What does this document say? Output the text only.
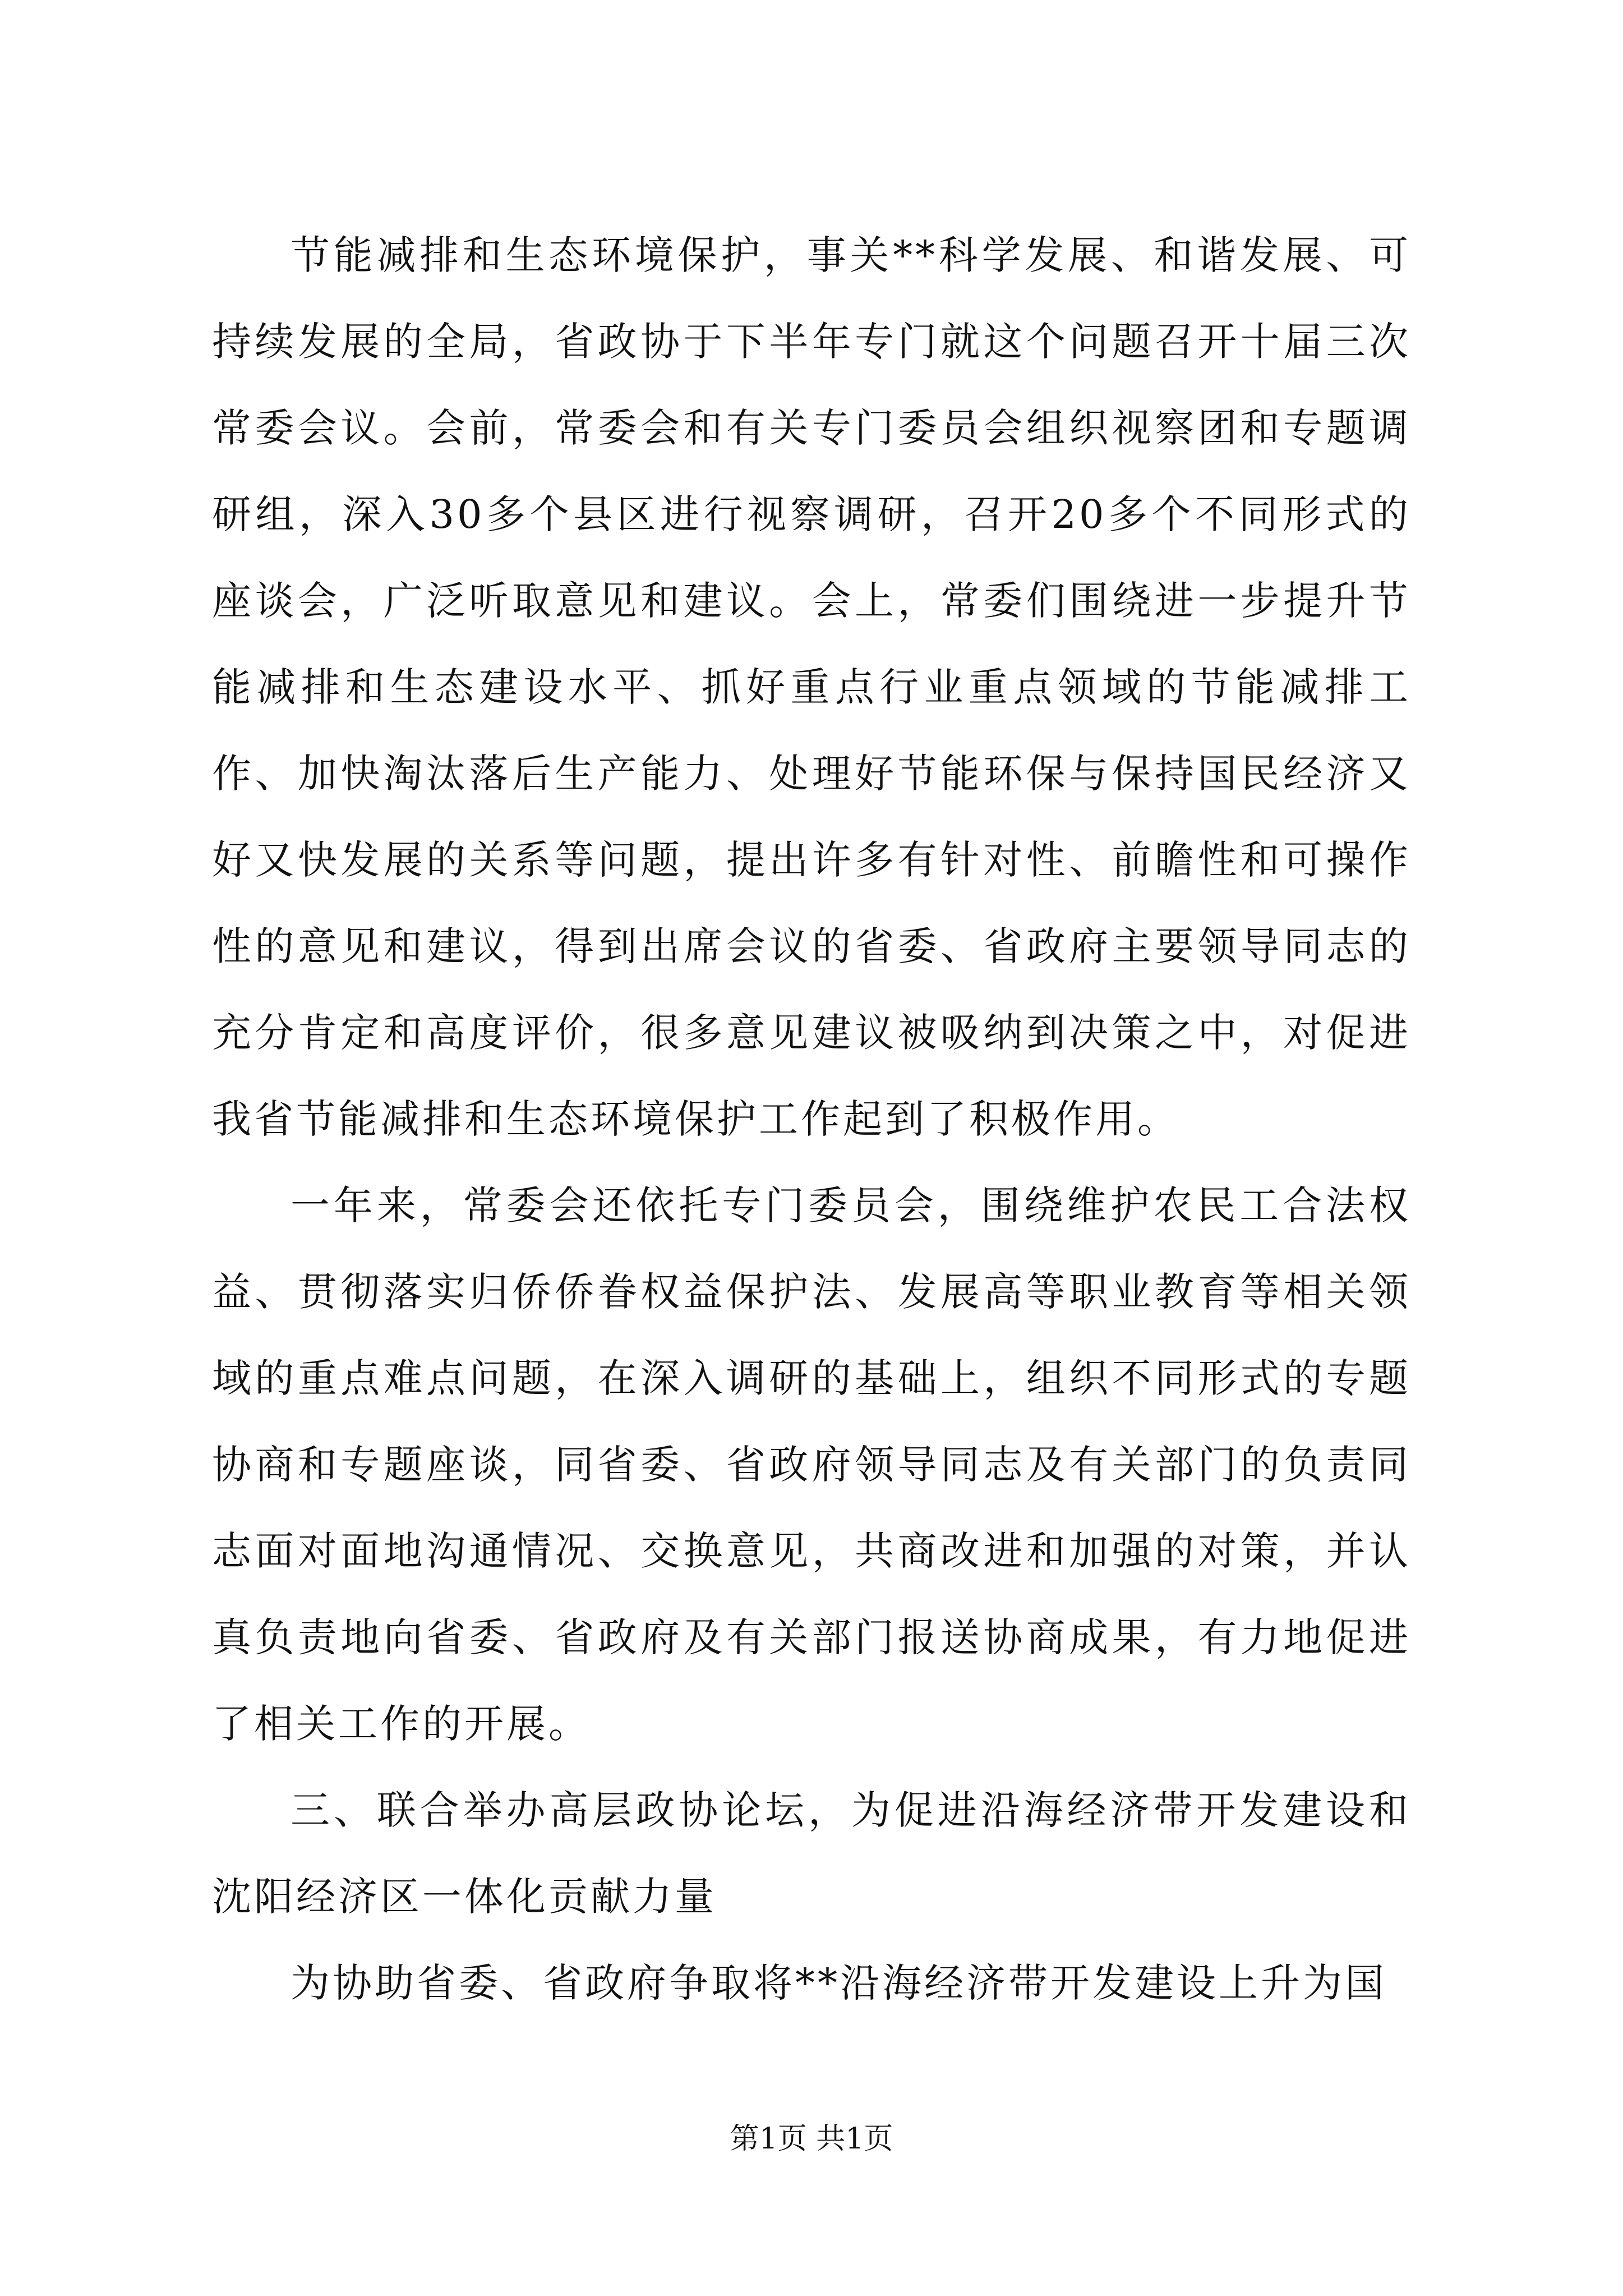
节能减排和生态环境保护，事关**科学发展、和谐发展、可持续发展的全局，省政协于下半年专门就这个问题召开十届三次常委会议。会前，常委会和有关专门委员会组织视察团和专题调研组，深入30多个县区进行视察调研，召开20多个不同形式的座谈会，广泛听取意见和建议。会上，常委们围绕进一步提升节能减排和生态建设水平、抓好重点行业重点领域的节能减排工作、加快淘汰落后生产能力、处理好节能环保与保持国民经济又好又快发展的关系等问题，提出许多有针对性、前瞻性和可操作性的意见和建议，得到出席会议的省委、省政府主要领导同志的充分肯定和高度评价，很多意见建议被吸纳到决策之中，对促进我省节能减排和生态环境保护工作起到了积极作用。

一年来，常委会还依托专门委员会，围绕维护农民工合法权益、贯彻落实归侨侨眷权益保护法、发展高等职业教育等相关领域的重点难点问题，在深入调研的基础上，组织不同形式的专题协商和专题座谈，同省委、省政府领导同志及有关部门的负责同志面对面地沟通情况、交换意见，共商改进和加强的对策，并认真负责地向省委、省政府及有关部门报送协商成果，有力地促进了相关工作的开展。

三、联合举办高层政协论坛，为促进沿海经济带开发建设和沈阳经济区一体化贡献力量

为协助省委、省政府争取将**沿海经济带开发建设上升为国

第1页 共1页
